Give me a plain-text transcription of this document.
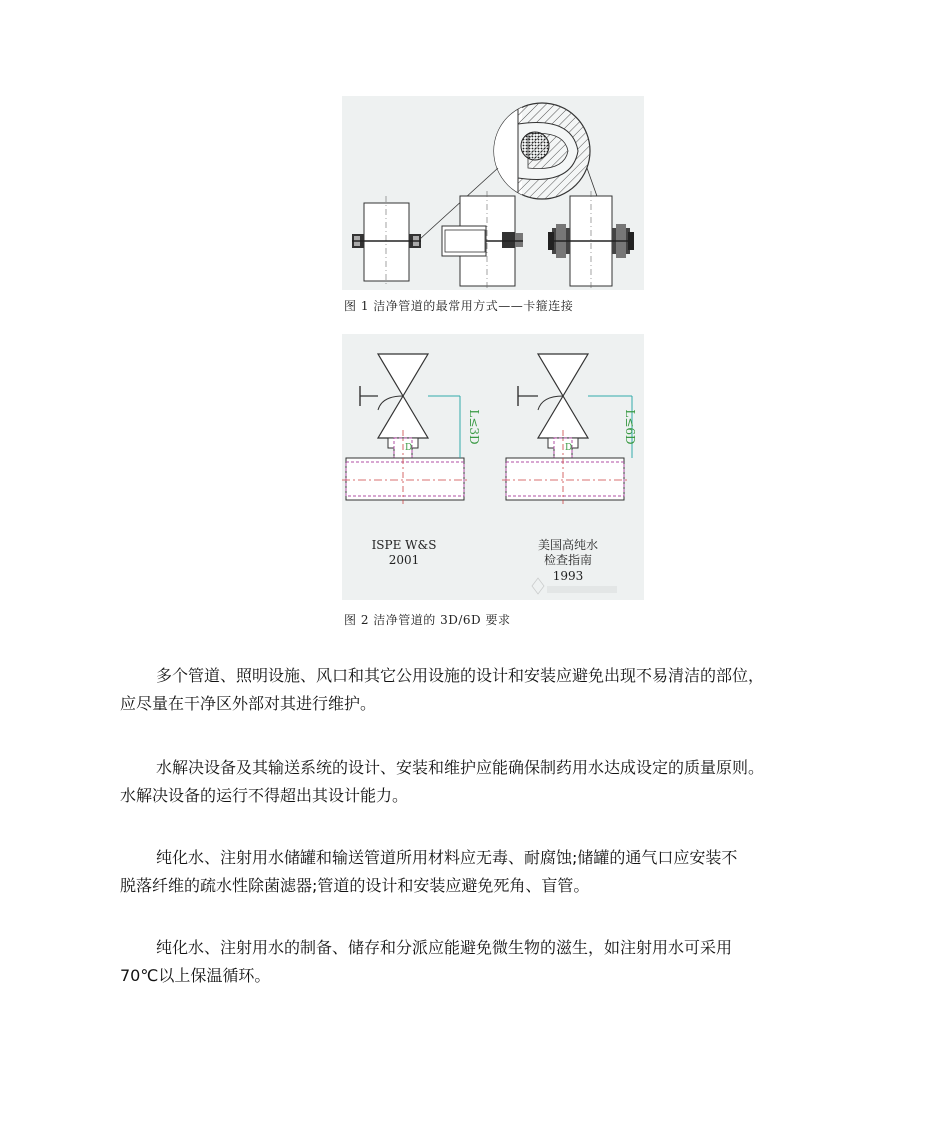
图 1 洁净管道的最常用方式——卡箍连接
L≤3D
D
L≤6D
D
ISPE W&S
2001
美国高纯水
检查指南
1993
图 2 洁净管道的 3D/6D 要求
多个管道、照明设施、风口和其它公用设施的设计和安装应避免出现不易清洁的部位，
应尽量在干净区外部对其进行维护。
水解决设备及其输送系统的设计、安装和维护应能确保制药用水达成设定的质量原则。
水解决设备的运行不得超出其设计能力。
纯化水、注射用水储罐和输送管道所用材料应无毒、耐腐蚀;储罐的通气口应安装不
脱落纤维的疏水性除菌滤器;管道的设计和安装应避免死角、盲管。
纯化水、注射用水的制备、储存和分派应能避免微生物的滋生，如注射用水可采用
70℃以上保温循环。
